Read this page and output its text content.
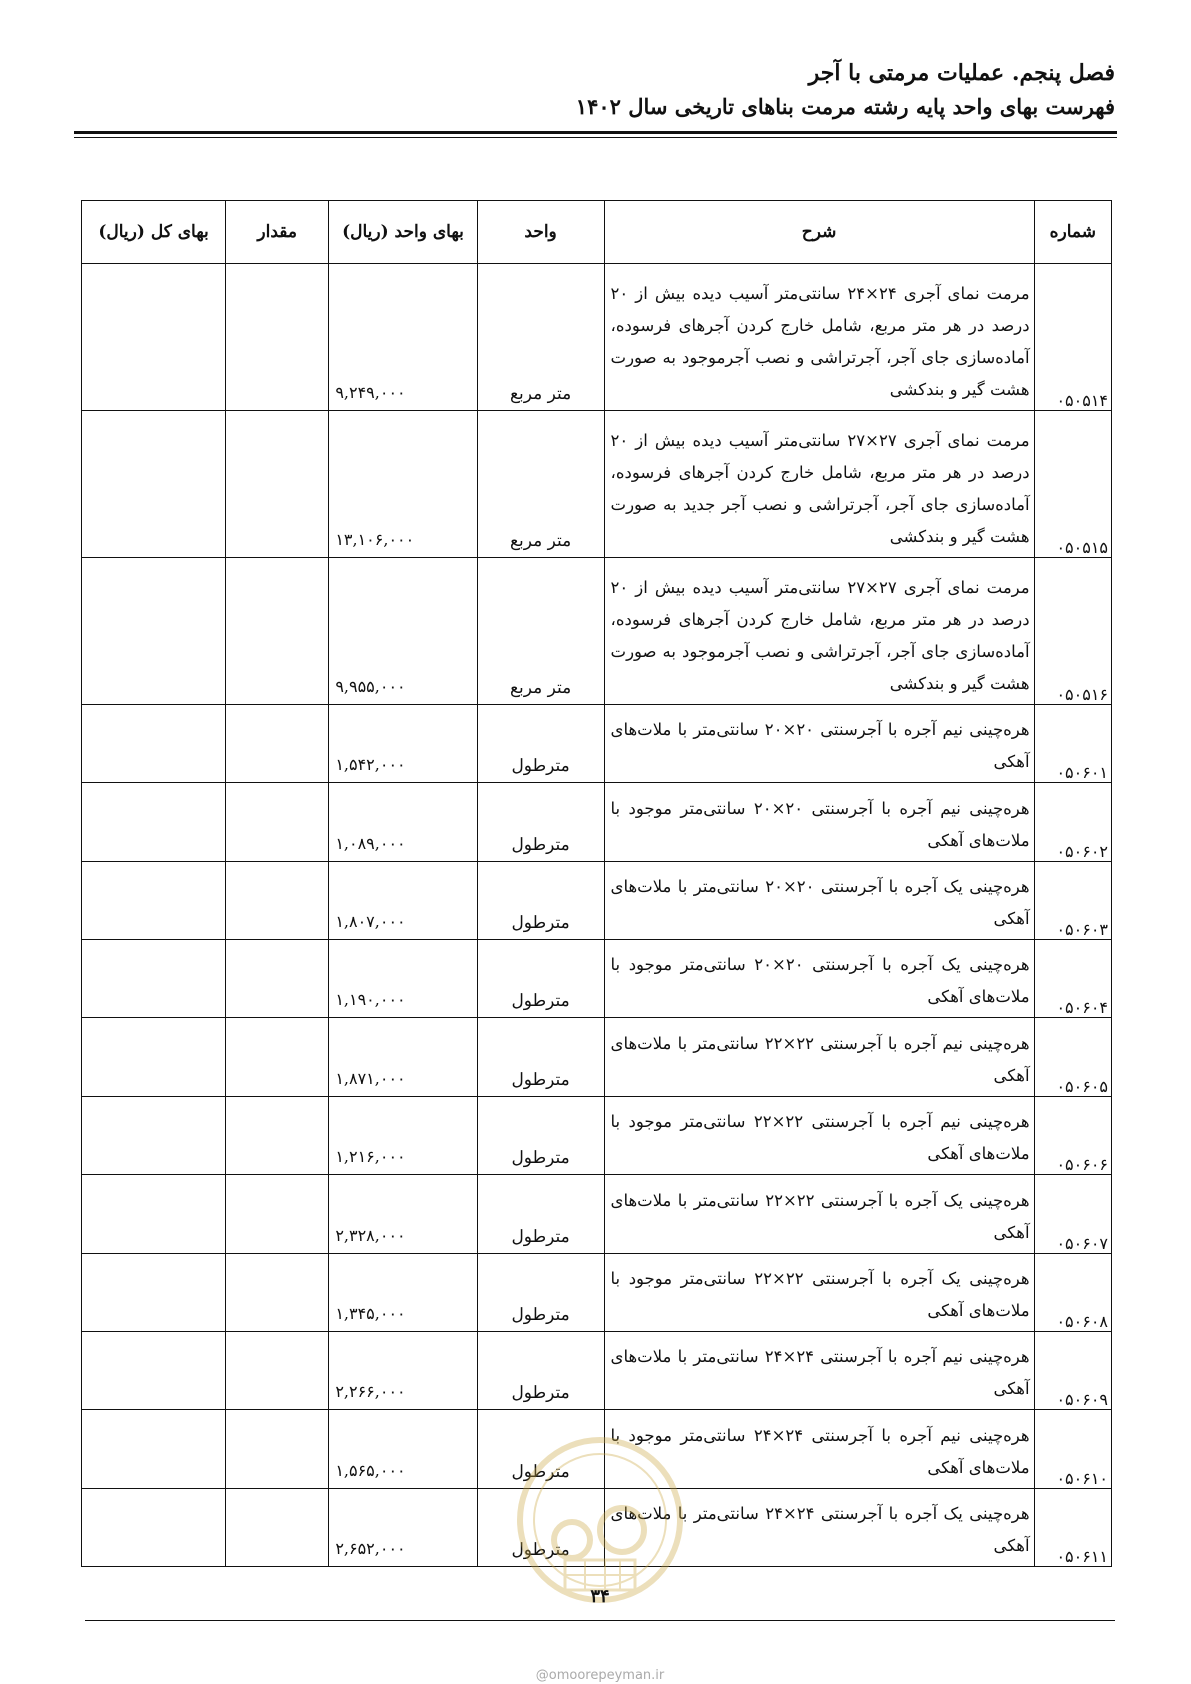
فصل پنجم. عملیات مرمتی با آجر
فهرست بهای واحد پایه رشته مرمت بناهای تاریخی سال ۱۴۰۲
شماره	شرح	واحد	بهای واحد (ریال)	مقدار	بهای کل (ریال)
۰۵۰۵۱۴	مرمت نمای آجری ۲۴×۲۴ سانتی‌متر آسیب دیده بیش از ۲۰ درصد در هر متر مربع، شامل خارج کردن آجرهای فرسوده، آماده‌سازی جای آجر، آجرتراشی و نصب آجرموجود به صورت هشت گیر و بندکشی	متر مربع	۹,۲۴۹,۰۰۰		
۰۵۰۵۱۵	مرمت نمای آجری ۲۷×۲۷ سانتی‌متر آسیب دیده بیش از ۲۰ درصد در هر متر مربع، شامل خارج کردن آجرهای فرسوده، آماده‌سازی جای آجر، آجرتراشی و نصب آجر جدید به صورت هشت گیر و بندکشی	متر مربع	۱۳,۱۰۶,۰۰۰		
۰۵۰۵۱۶	مرمت نمای آجری ۲۷×۲۷ سانتی‌متر آسیب دیده بیش از ۲۰ درصد در هر متر مربع، شامل خارج کردن آجرهای فرسوده، آماده‌سازی جای آجر، آجرتراشی و نصب آجرموجود به صورت هشت گیر و بندکشی	متر مربع	۹,۹۵۵,۰۰۰		
۰۵۰۶۰۱	هره‌چینی نیم آجره با آجرسنتی ۲۰×۲۰ سانتی‌متر با ملات‌های آهکی	مترطول	۱,۵۴۲,۰۰۰		
۰۵۰۶۰۲	هره‌چینی نیم آجره با آجرسنتی ۲۰×۲۰ سانتی‌متر موجود با ملات‌های آهکی	مترطول	۱,۰۸۹,۰۰۰		
۰۵۰۶۰۳	هره‌چینی یک آجره با آجرسنتی ۲۰×۲۰ سانتی‌متر با ملات‌های آهکی	مترطول	۱,۸۰۷,۰۰۰		
۰۵۰۶۰۴	هره‌چینی یک آجره با آجرسنتی ۲۰×۲۰ سانتی‌متر موجود با ملات‌های آهکی	مترطول	۱,۱۹۰,۰۰۰		
۰۵۰۶۰۵	هره‌چینی نیم آجره با آجرسنتی ۲۲×۲۲ سانتی‌متر با ملات‌های آهکی	مترطول	۱,۸۷۱,۰۰۰		
۰۵۰۶۰۶	هره‌چینی نیم آجره با آجرسنتی ۲۲×۲۲ سانتی‌متر موجود با ملات‌های آهکی	مترطول	۱,۲۱۶,۰۰۰		
۰۵۰۶۰۷	هره‌چینی یک آجره با آجرسنتی ۲۲×۲۲ سانتی‌متر با ملات‌های آهکی	مترطول	۲,۳۲۸,۰۰۰		
۰۵۰۶۰۸	هره‌چینی یک آجره با آجرسنتی ۲۲×۲۲ سانتی‌متر موجود با ملات‌های آهکی	مترطول	۱,۳۴۵,۰۰۰		
۰۵۰۶۰۹	هره‌چینی نیم آجره با آجرسنتی ۲۴×۲۴ سانتی‌متر با ملات‌های آهکی	مترطول	۲,۲۶۶,۰۰۰		
۰۵۰۶۱۰	هره‌چینی نیم آجره با آجرسنتی ۲۴×۲۴ سانتی‌متر موجود با ملات‌های آهکی	مترطول	۱,۵۶۵,۰۰۰		
۰۵۰۶۱۱	هره‌چینی یک آجره با آجرسنتی ۲۴×۲۴ سانتی‌متر با ملات‌های آهکی	مترطول	۲,۶۵۲,۰۰۰		
۳۴
@omoorepeyman.ir
